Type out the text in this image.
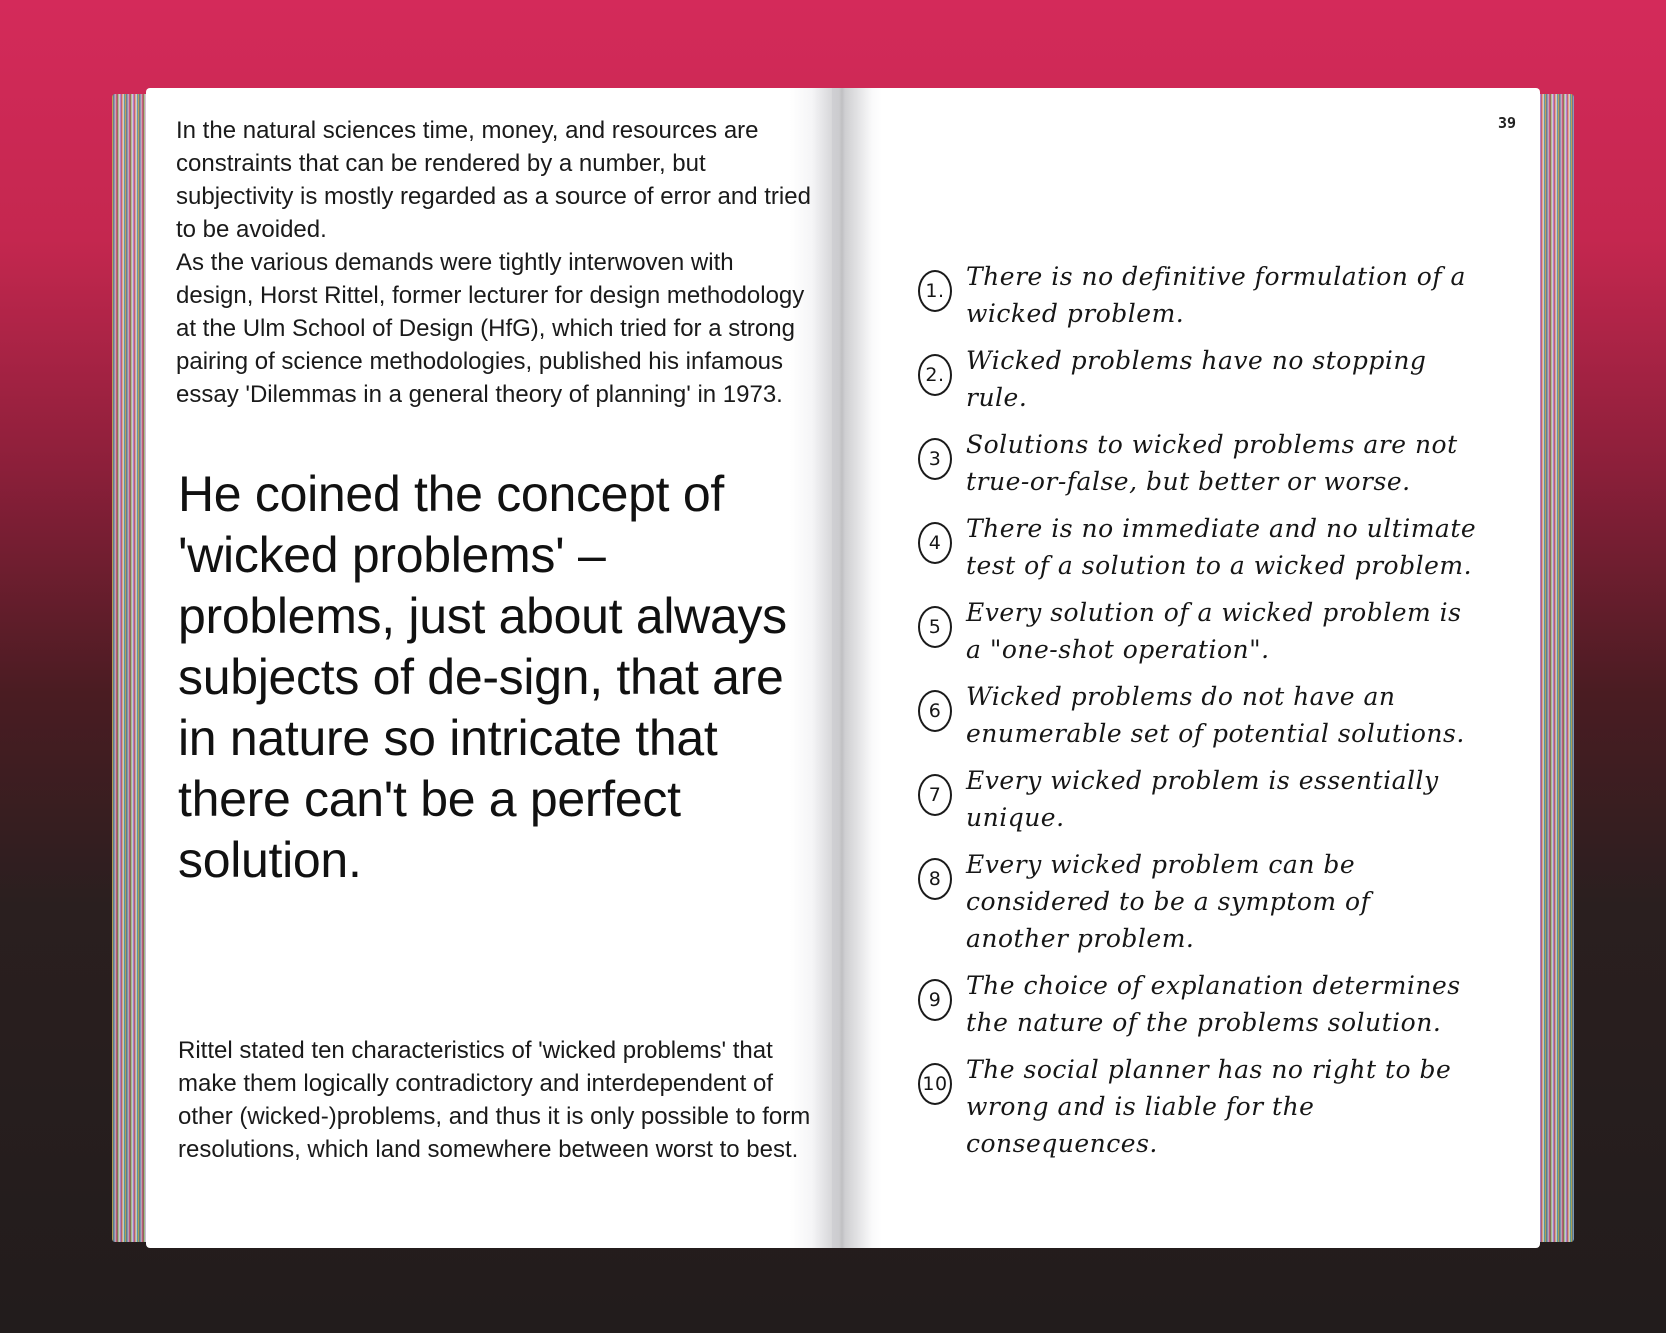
In the natural sciences time, money, and resources are constraints that can be rendered by a number, but subjectivity is mostly regarded as a source of error and tried to be avoided.

As the various demands were tightly interwoven with design, Horst Rittel, former lecturer for design methodology at the Ulm School of Design (HfG), which tried for a strong pairing of science methodologies, published his infamous essay 'Dilemmas in a general theory of planning' in 1973.

He coined the concept of 'wicked problems' – problems, just about always subjects of de-sign, that are in nature so intricate that there can't be a perfect solution.
Rittel stated ten characteristics of 'wicked problems' that make them logically contradictory and interdependent of other (wicked-)problems, and thus it is only possible to form resolutions, which land somewhere between worst to best.
39
1. There is no definitive formulation of a wicked problem.
2. Wicked problems have no stopping rule.
3 Solutions to wicked problems are not true-or-false, but better or worse.
4 There is no immediate and no ultimate test of a solution to a wicked problem.
5 Every solution of a wicked problem is a "one-shot operation".
6 Wicked problems do not have an enumerable set of potential solutions.
7 Every wicked problem is essentially unique.
8 Every wicked problem can be considered to be a symptom of another problem.
9 The choice of explanation determines the nature of the problems solution.
10 The social planner has no right to be wrong and is liable for the consequences.
